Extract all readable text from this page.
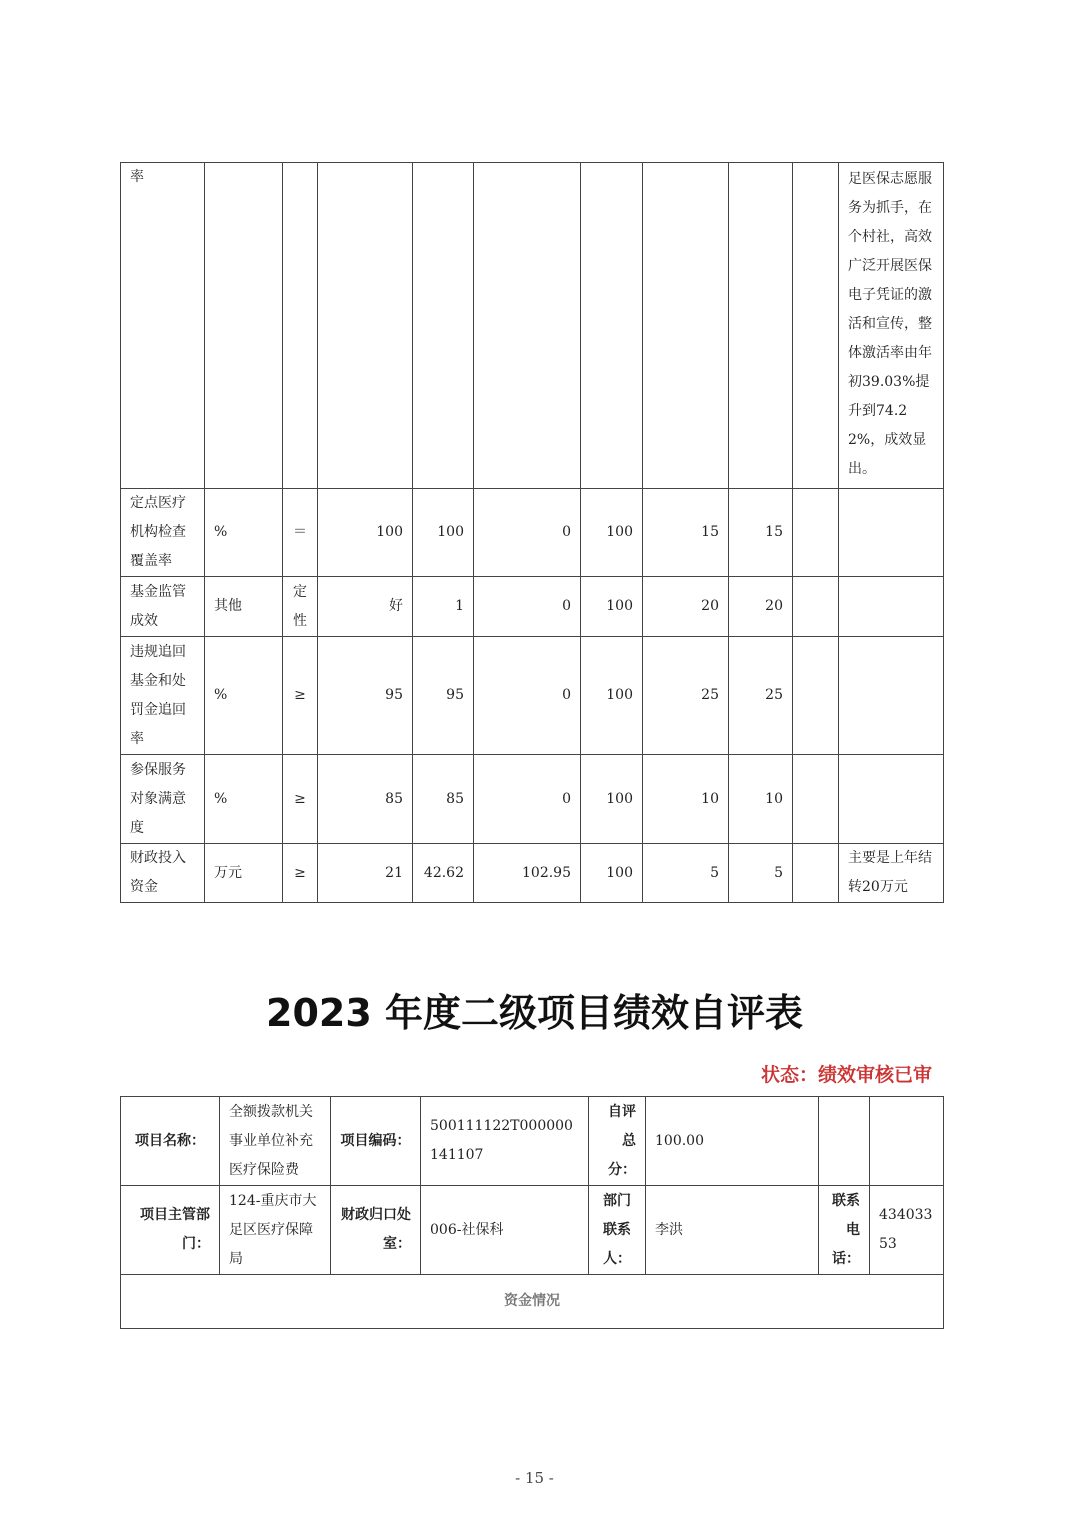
率										足医保志愿服务为抓手，在个村社，高效广泛开展医保电子凭证的激活和宣传，整体激活率由年初39.03%提升到74.22%，成效显出。
定点医疗机构检查覆盖率	%	＝	100	100	0	100	15	15		
基金监管成效	其他	定性	好	1	0	100	20	20		
违规追回基金和处罚金追回率	%	≥	95	95	0	100	25	25		
参保服务对象满意度	%	≥	85	85	0	100	10	10		
财政投入资金	万元	≥	21	42.62	102.95	100	5	5		主要是上年结转20万元
2023 年度二级项目绩效自评表
状态：绩效审核已审
项目名称：	全额拨款机关事业单位补充医疗保险费	项目编码：	500111122T000000141107	自评总分：	100.00		
项目主管部门：	124-重庆市大足区医疗保障局	财政归口处室：	006-社保科	部门联系人：	李洪	联系电话：	43403353
资金情况							
- 15 -
